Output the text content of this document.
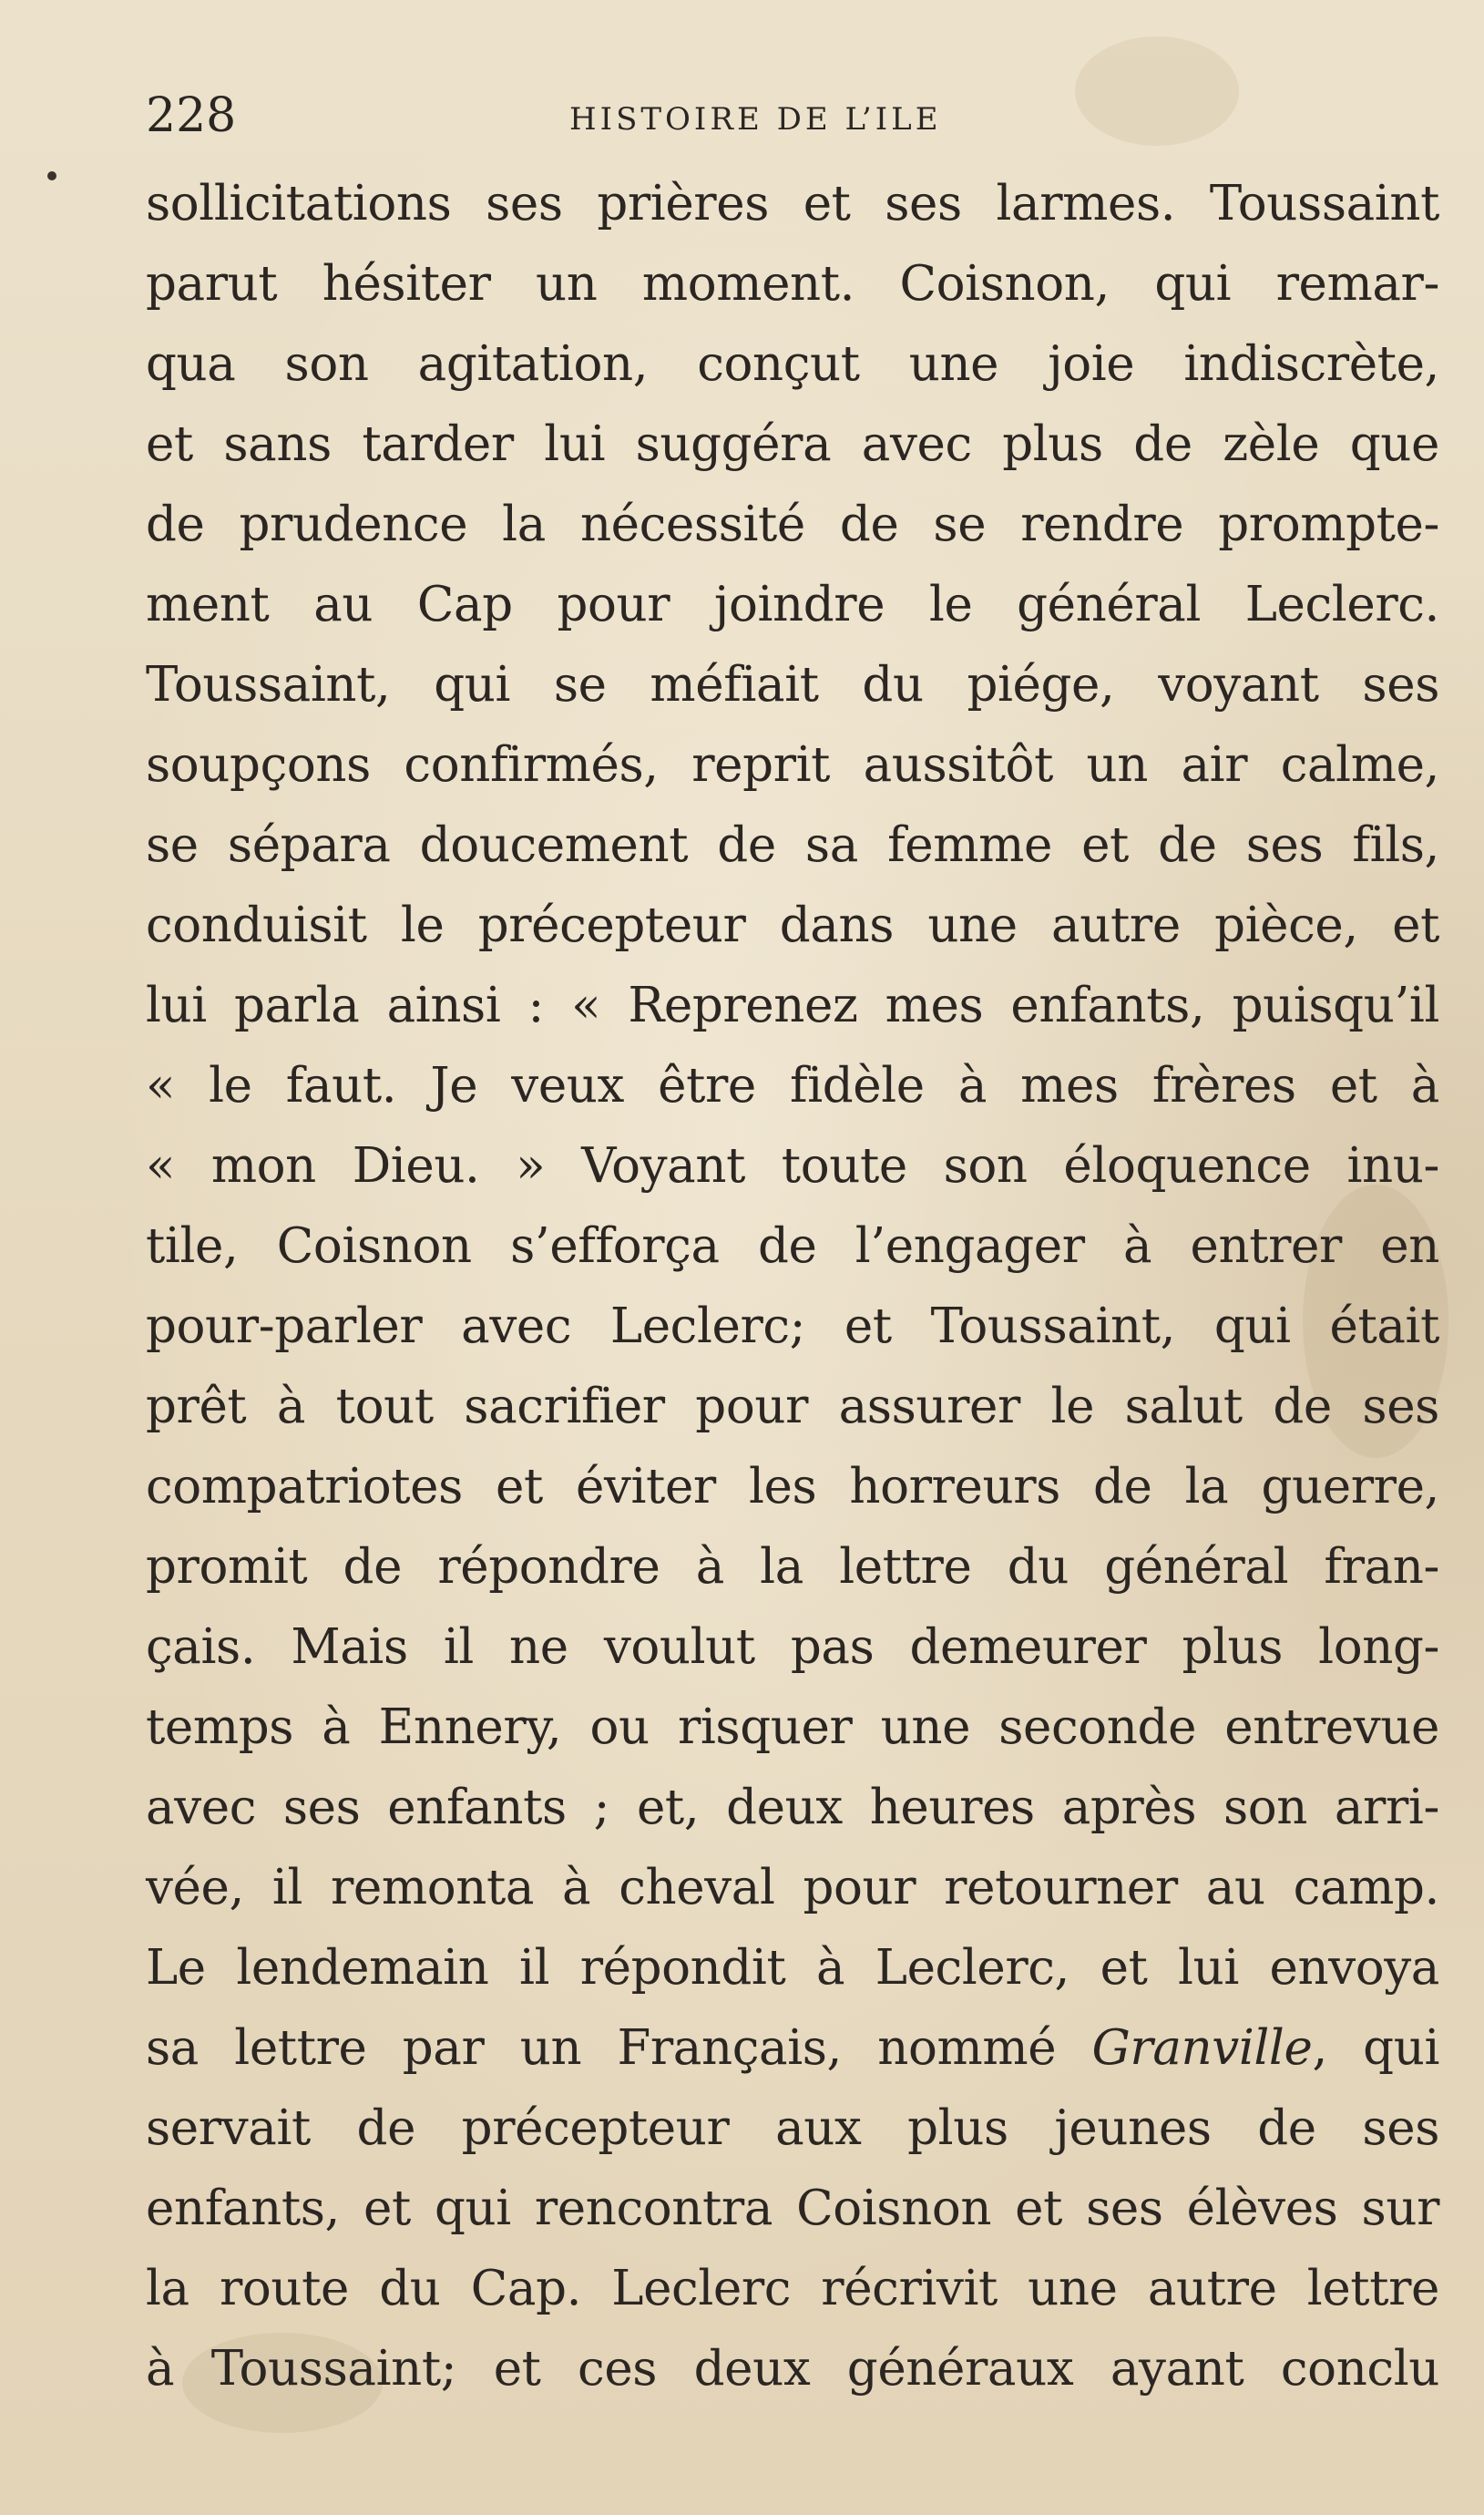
228	HISTOIRE DE L’ILE
sollicitations ses prières et ses larmes. Toussaint
parut hésiter un moment. Coisnon, qui remar-
qua son agitation, conçut une joie indiscrète,
et sans tarder lui suggéra avec plus de zèle que
de prudence la nécessité de se rendre prompte-
ment au Cap pour joindre le général Leclerc.
Toussaint, qui se méfiait du piége, voyant ses
soupçons confirmés, reprit aussitôt un air calme,
se sépara doucement de sa femme et de ses fils,
conduisit le précepteur dans une autre pièce, et
lui parla ainsi : « Reprenez mes enfants, puisqu’il
« le faut. Je veux être fidèle à mes frères et à
« mon Dieu. » Voyant toute son éloquence inu-
tile, Coisnon s’efforça de l’engager à entrer en
pour-parler avec Leclerc; et Toussaint, qui était
prêt à tout sacrifier pour assurer le salut de ses
compatriotes et éviter les horreurs de la guerre,
promit de répondre à la lettre du général fran-
çais. Mais il ne voulut pas demeurer plus long-
temps à Ennery, ou risquer une seconde entrevue
avec ses enfants ; et, deux heures après son arri-
vée, il remonta à cheval pour retourner au camp.
Le lendemain il répondit à Leclerc, et lui envoya
sa lettre par un Français, nommé Granville, qui
servait de précepteur aux plus jeunes de ses
enfants, et qui rencontra Coisnon et ses élèves sur
la route du Cap. Leclerc récrivit une autre lettre
à Toussaint; et ces deux généraux ayant conclu
